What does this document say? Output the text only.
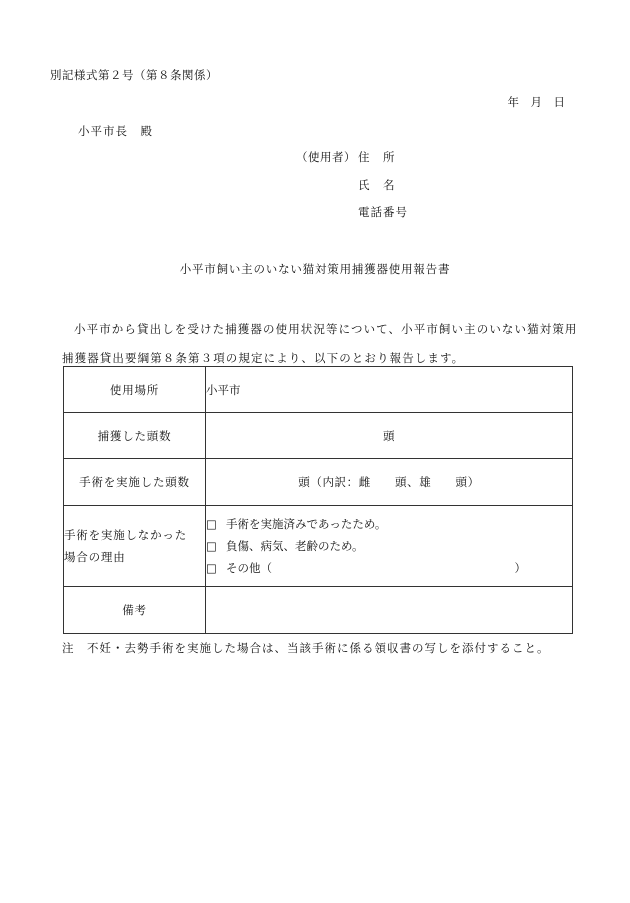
別記様式第２号（第８条関係）
年　月　日
小平市長　殿
（使用者） 住　所
氏　名
電話番号
小平市飼い主のいない猫対策用捕獲器使用報告書
小平市から貸出しを受けた捕獲器の使用状況等について、小平市飼い主のいない猫対策用捕獲器貸出要綱第８条第３項の規定により、以下のとおり報告します。
使用場所	小平市
捕獲した頭数	頭
手術を実施した頭数	頭（内訳：雌　　頭、雄　　頭）

手術を実施しなかった
場合の理由	□ 手術を実施済みであったため。
□ 負傷、病気、老齢のため。
□ その他（ ）

備考	
注　不妊・去勢手術を実施した場合は、当該手術に係る領収書の写しを添付すること。
